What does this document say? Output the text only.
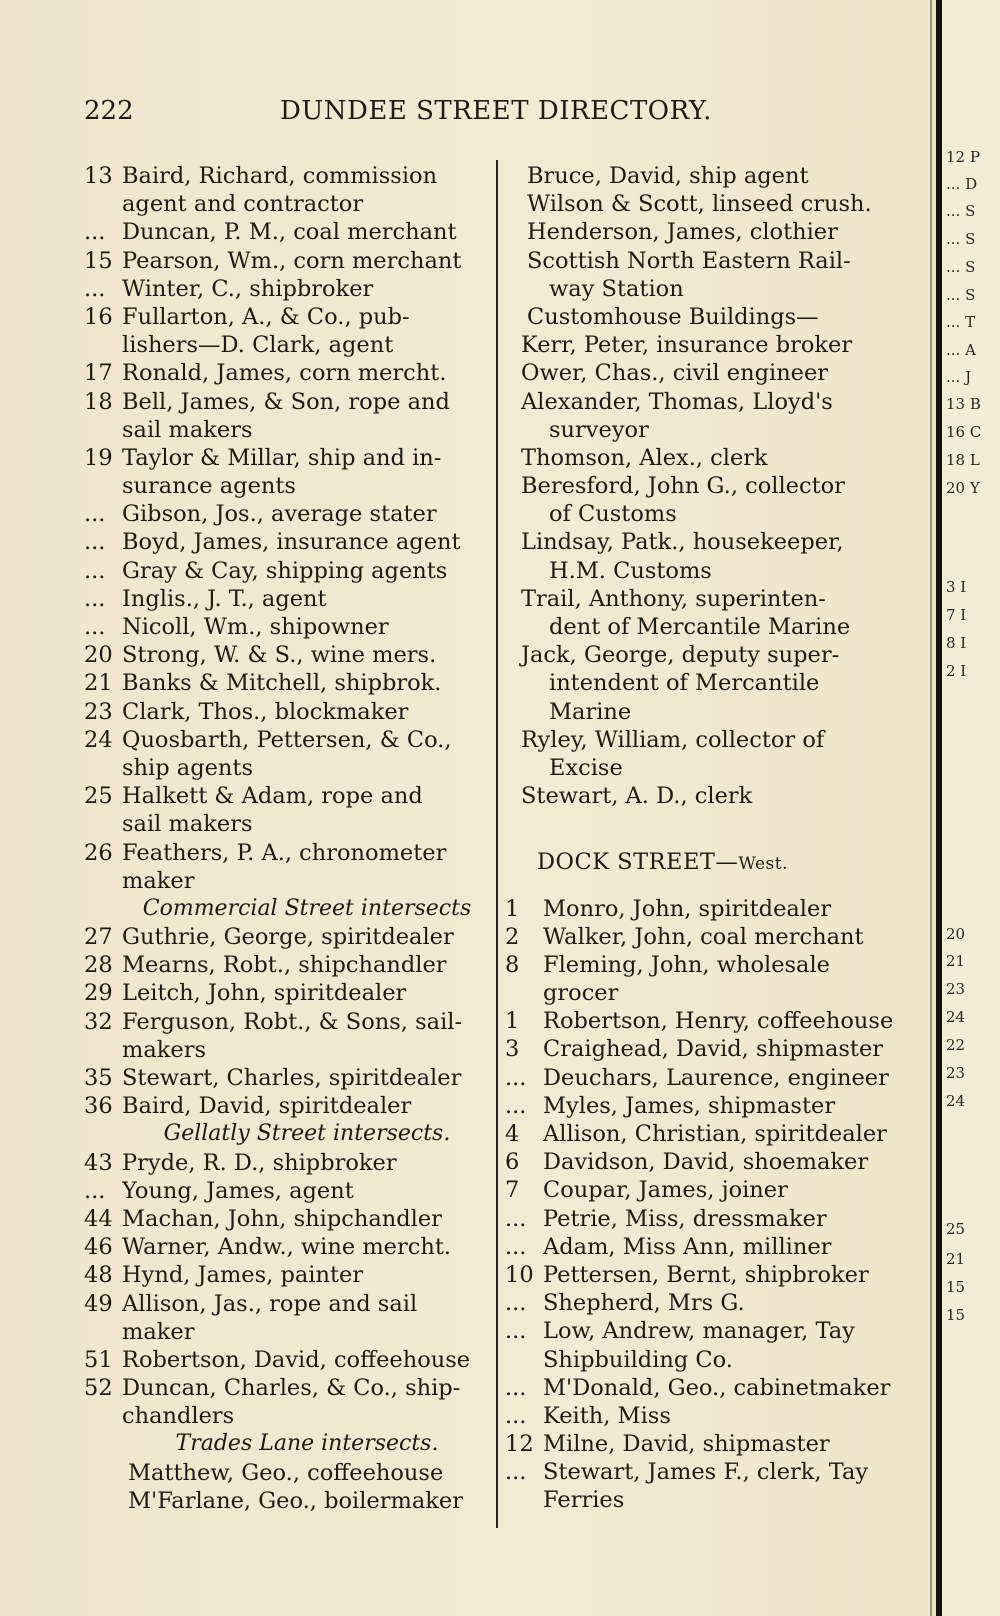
222	DUNDEE STREET DIRECTORY.
13 Baird, Richard, commission
agent and contractor
... Duncan, P. M., coal merchant
15 Pearson, Wm., corn merchant
... Winter, C., shipbroker
16 Fullarton, A., & Co., pub-
lishers—D. Clark, agent
17 Ronald, James, corn mercht.
18 Bell, James, & Son, rope and
sail makers
19 Taylor & Millar, ship and in-
surance agents
... Gibson, Jos., average stater
... Boyd, James, insurance agent
... Gray & Cay, shipping agents
... Inglis., J. T., agent
... Nicoll, Wm., shipowner
20 Strong, W. & S., wine mers.
21 Banks & Mitchell, shipbrok.
23 Clark, Thos., blockmaker
24 Quosbarth, Pettersen, & Co.,
ship agents
25 Halkett & Adam, rope and
sail makers
26 Feathers, P. A., chronometer
maker
Commercial Street intersects
27 Guthrie, George, spiritdealer
28 Mearns, Robt., shipchandler
29 Leitch, John, spiritdealer
32 Ferguson, Robt., & Sons, sail-
makers
35 Stewart, Charles, spiritdealer
36 Baird, David, spiritdealer
Gellatly Street intersects.
43 Pryde, R. D., shipbroker
... Young, James, agent
44 Machan, John, shipchandler
46 Warner, Andw., wine mercht.
48 Hynd, James, painter
49 Allison, Jas., rope and sail
maker
51 Robertson, David, coffeehouse
52 Duncan, Charles, & Co., ship-
chandlers
Trades Lane intersects.
Matthew, Geo., coffeehouse
M'Farlane, Geo., boilermaker
Bruce, David, ship agent
Wilson & Scott, linseed crush.
Henderson, James, clothier
Scottish North Eastern Rail-
way Station
Customhouse Buildings—
Kerr, Peter, insurance broker
Ower, Chas., civil engineer
Alexander, Thomas, Lloyd's
surveyor
Thomson, Alex., clerk
Beresford, John G., collector
of Customs
Lindsay, Patk., housekeeper,
H.M. Customs
Trail, Anthony, superinten-
dent of Mercantile Marine
Jack, George, deputy super-
intendent of Mercantile
Marine
Ryley, William, collector of
Excise
Stewart, A. D., clerk
DOCK STREET—West.
1	Monro, John, spiritdealer
2	Walker, John, coal merchant
8	Fleming, John, wholesale
grocer
1	Robertson, Henry, coffeehouse
3	Craighead, David, shipmaster
... Deuchars, Laurence, engineer
... Myles, James, shipmaster
4	Allison, Christian, spiritdealer
6	Davidson, David, shoemaker
7	Coupar, James, joiner
... Petrie, Miss, dressmaker
... Adam, Miss Ann, milliner
10 Pettersen, Bernt, shipbroker
... Shepherd, Mrs G.
... Low, Andrew, manager, Tay
Shipbuilding Co.
... M'Donald, Geo., cabinetmaker
... Keith, Miss
12 Milne, David, shipmaster
... Stewart, James F., clerk, Tay
Ferries
12 P
... D
... S
... S
... S
... S
... T
... A
... J
13 B
16 C
18 L
20 Y
3 I
7 I
8 I
2 I
20
21
23
24
22
23
24
25
21
15
15
